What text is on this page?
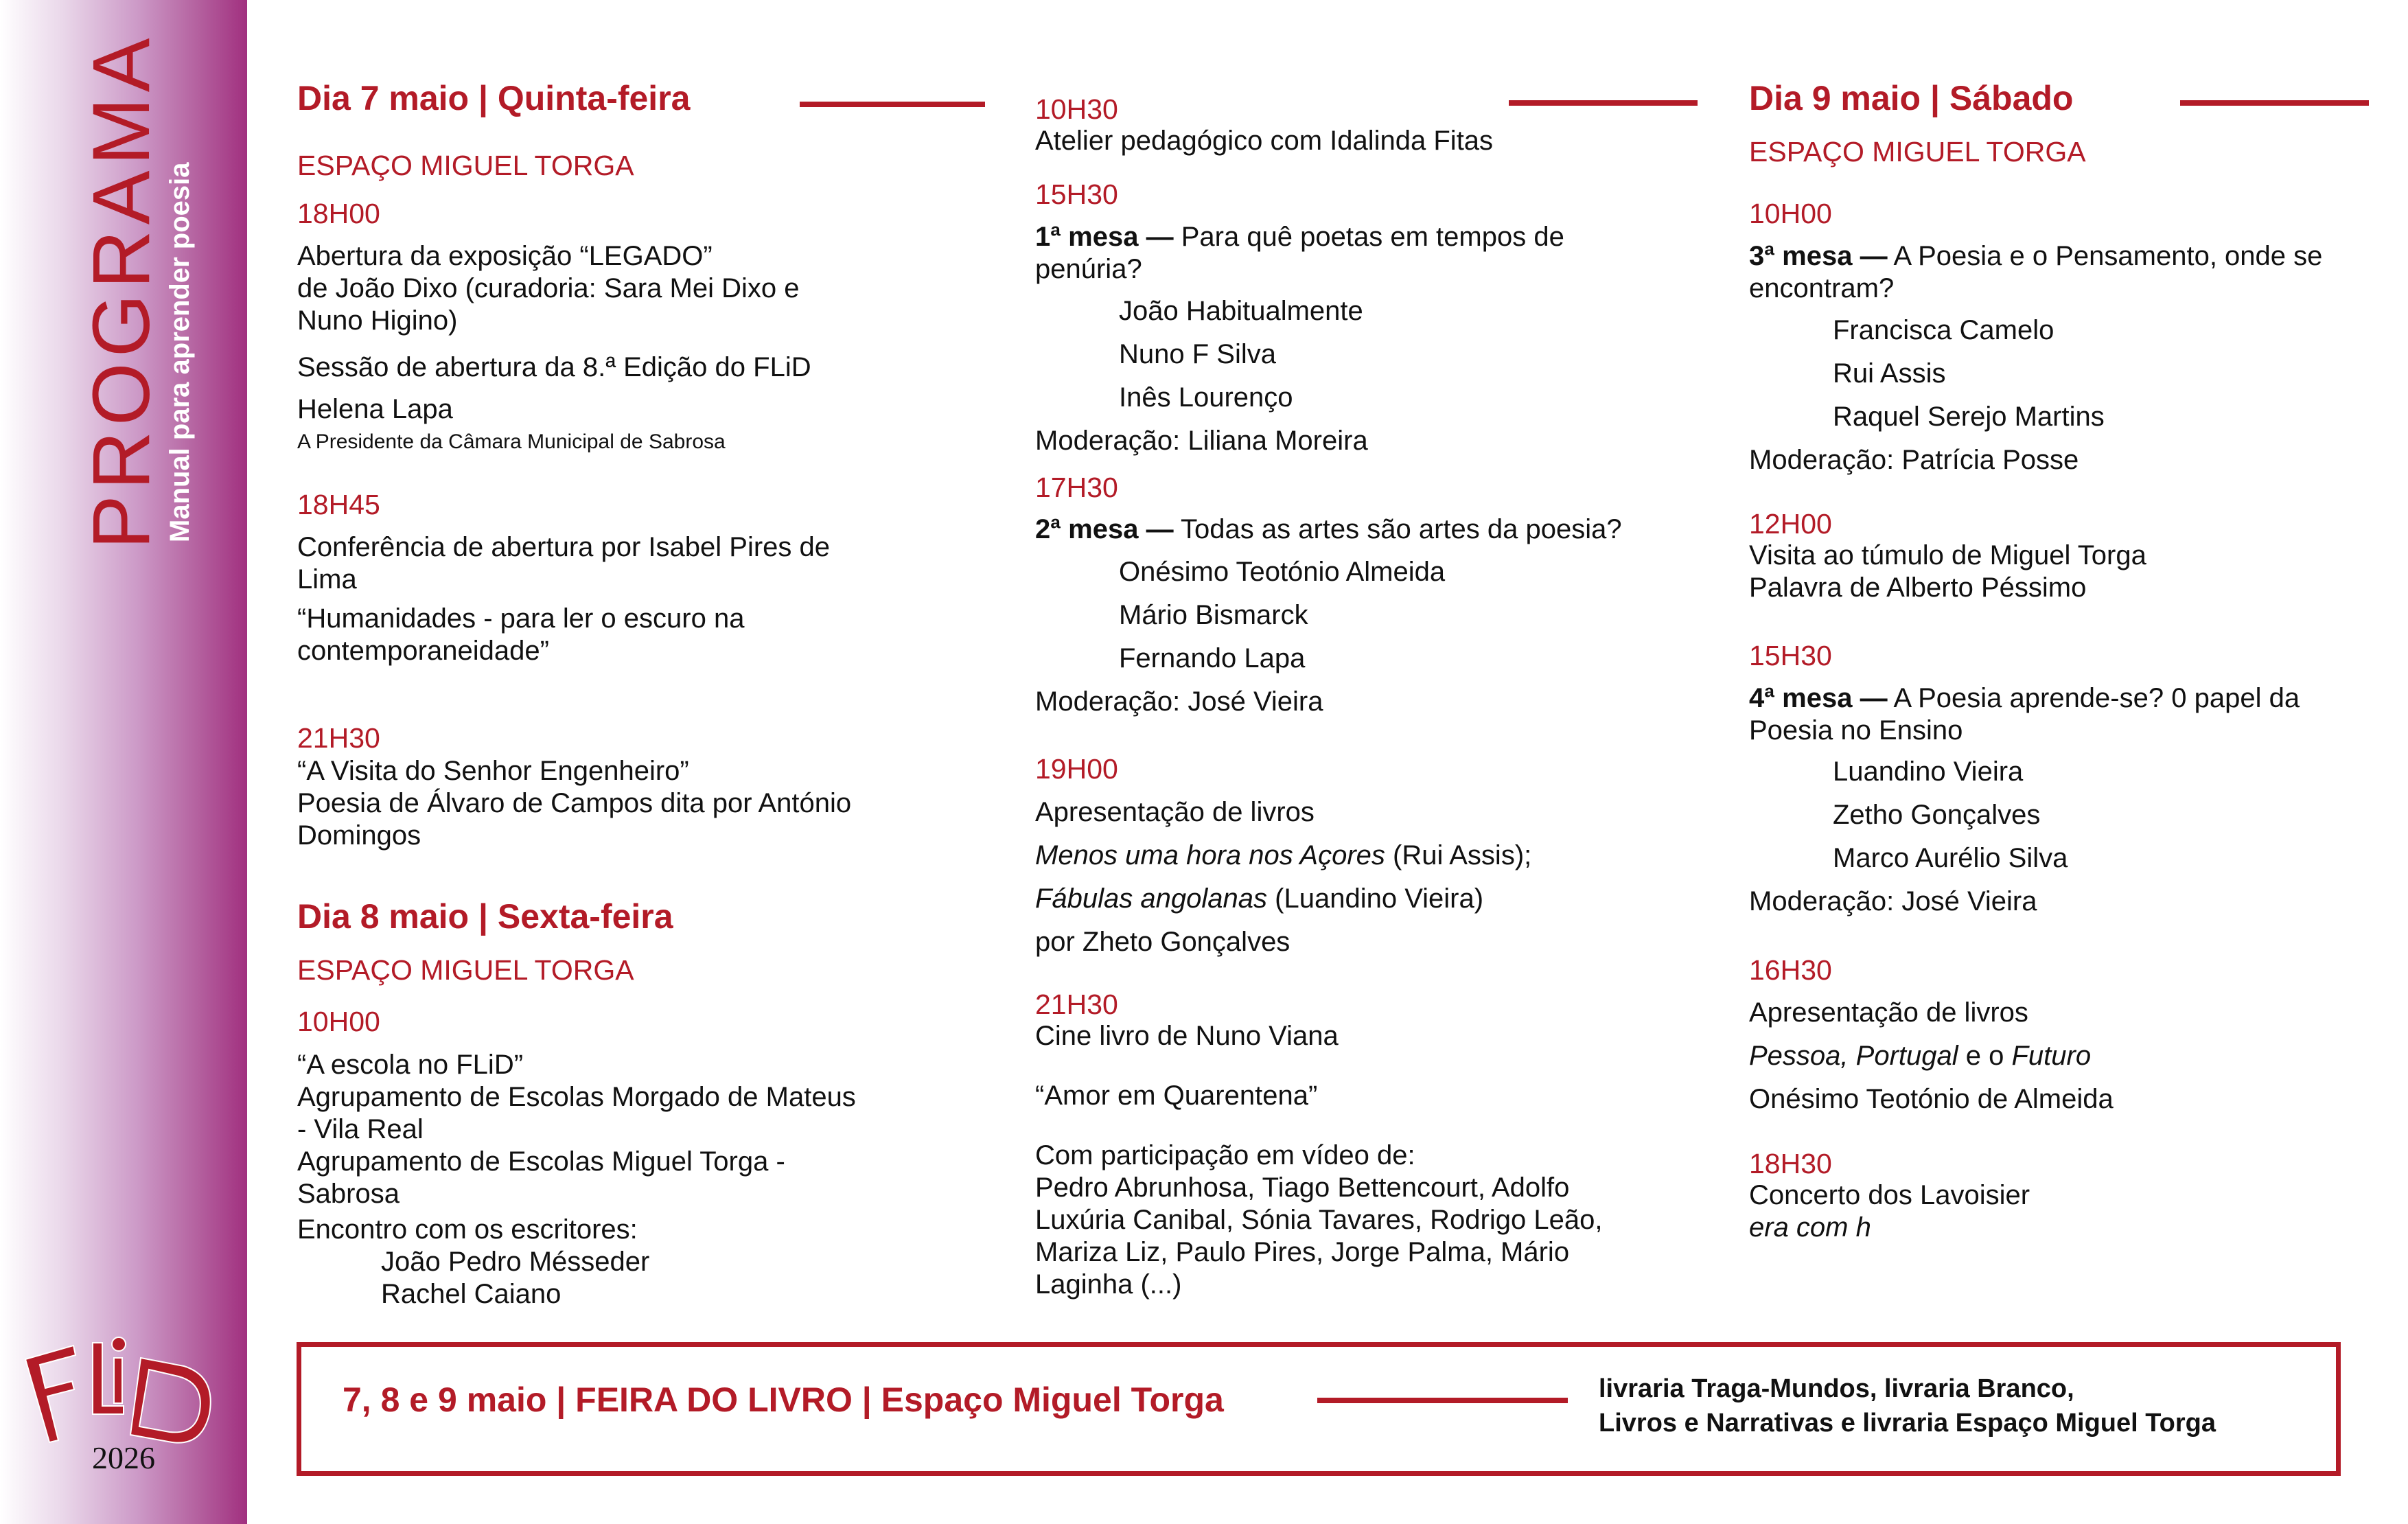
PROGRAMA
Manual para aprender poesia
2026
Dia 7 maio | Quinta-feira
ESPAÇO MIGUEL TORGA
18H00
Abertura da exposição “LEGADO”
de João Dixo (curadoria: Sara Mei Dixo e
Nuno Higino)
Sessão de abertura da 8.ª Edição do FLiD
Helena Lapa
A Presidente da Câmara Municipal de Sabrosa
18H45
Conferência de abertura por Isabel Pires de
Lima
“Humanidades - para ler o escuro na
contemporaneidade”
21H30
“A Visita do Senhor Engenheiro”
Poesia de Álvaro de Campos dita por António
Domingos
Dia 8 maio | Sexta-feira
ESPAÇO MIGUEL TORGA
10H00
“A escola no FLiD”
Agrupamento de Escolas Morgado de Mateus
- Vila Real
Agrupamento de Escolas Miguel Torga -
Sabrosa
Encontro com os escritores:
João Pedro Mésseder
Rachel Caiano
10H30
Atelier pedagógico com Idalinda Fitas
15H30
1ª mesa — Para quê poetas em tempos de
penúria?
João Habitualmente
Nuno F Silva
Inês Lourenço
Moderação: Liliana Moreira
17H30
2ª mesa — Todas as artes são artes da poesia?
Onésimo Teotónio Almeida
Mário Bismarck
Fernando Lapa
Moderação: José Vieira
19H00
Apresentação de livros
Menos uma hora nos Açores (Rui Assis);
Fábulas angolanas (Luandino Vieira)
por Zheto Gonçalves
21H30
Cine livro de Nuno Viana
“Amor em Quarentena”
Com participação em vídeo de:
Pedro Abrunhosa, Tiago Bettencourt, Adolfo
Luxúria Canibal, Sónia Tavares, Rodrigo Leão,
Mariza Liz, Paulo Pires, Jorge Palma, Mário
Laginha (...)
Dia 9 maio | Sábado
ESPAÇO MIGUEL TORGA
10H00
3ª mesa — A Poesia e o Pensamento, onde se
encontram?
Francisca Camelo
Rui Assis
Raquel Serejo Martins
Moderação: Patrícia Posse
12H00
Visita ao túmulo de Miguel Torga
Palavra de Alberto Péssimo
15H30
4ª mesa — A Poesia aprende-se? 0 papel da
Poesia no Ensino
Luandino Vieira
Zetho Gonçalves
Marco Aurélio Silva
Moderação: José Vieira
16H30
Apresentação de livros
Pessoa, Portugal e o Futuro
Onésimo Teotónio de Almeida
18H30
Concerto dos Lavoisier
era com h
7, 8 e 9 maio | FEIRA DO LIVRO | Espaço Miguel Torga	livraria Traga-Mundos, livraria Branco,
Livros e Narrativas e livraria Espaço Miguel Torga
